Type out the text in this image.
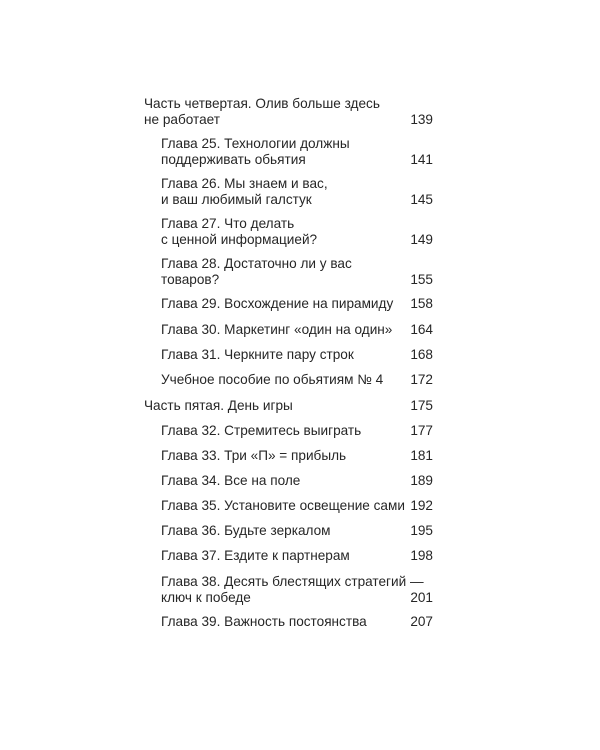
Часть четвертая. Олив больше здесь
не работает	139
Глава 25. Технологии должны
поддерживать обьятия	141
Глава 26. Мы знаем и вас,
и ваш любимый галстук	145
Глава 27. Что делать
с ценной информацией?	149
Глава 28. Достаточно ли у вас
товаров?	155
Глава 29. Восхождение на пирамиду	158
Глава 30. Маркетинг «один на один»	164
Глава 31. Черкните пару строк	168
Учебное пособие по обьятиям № 4	172
Часть пятая. День игры	175
Глава 32. Стремитесь выиграть	177
Глава 33. Три «П» = прибыль	181
Глава 34. Все на поле	189
Глава 35. Установите освещение сами 192
Глава 36. Будьте зеркалом	195
Глава 37. Ездите к партнерам	198
Глава 38. Десять блестящих стратегий —
ключ к победе	201
Глава 39. Важность постоянства	207
